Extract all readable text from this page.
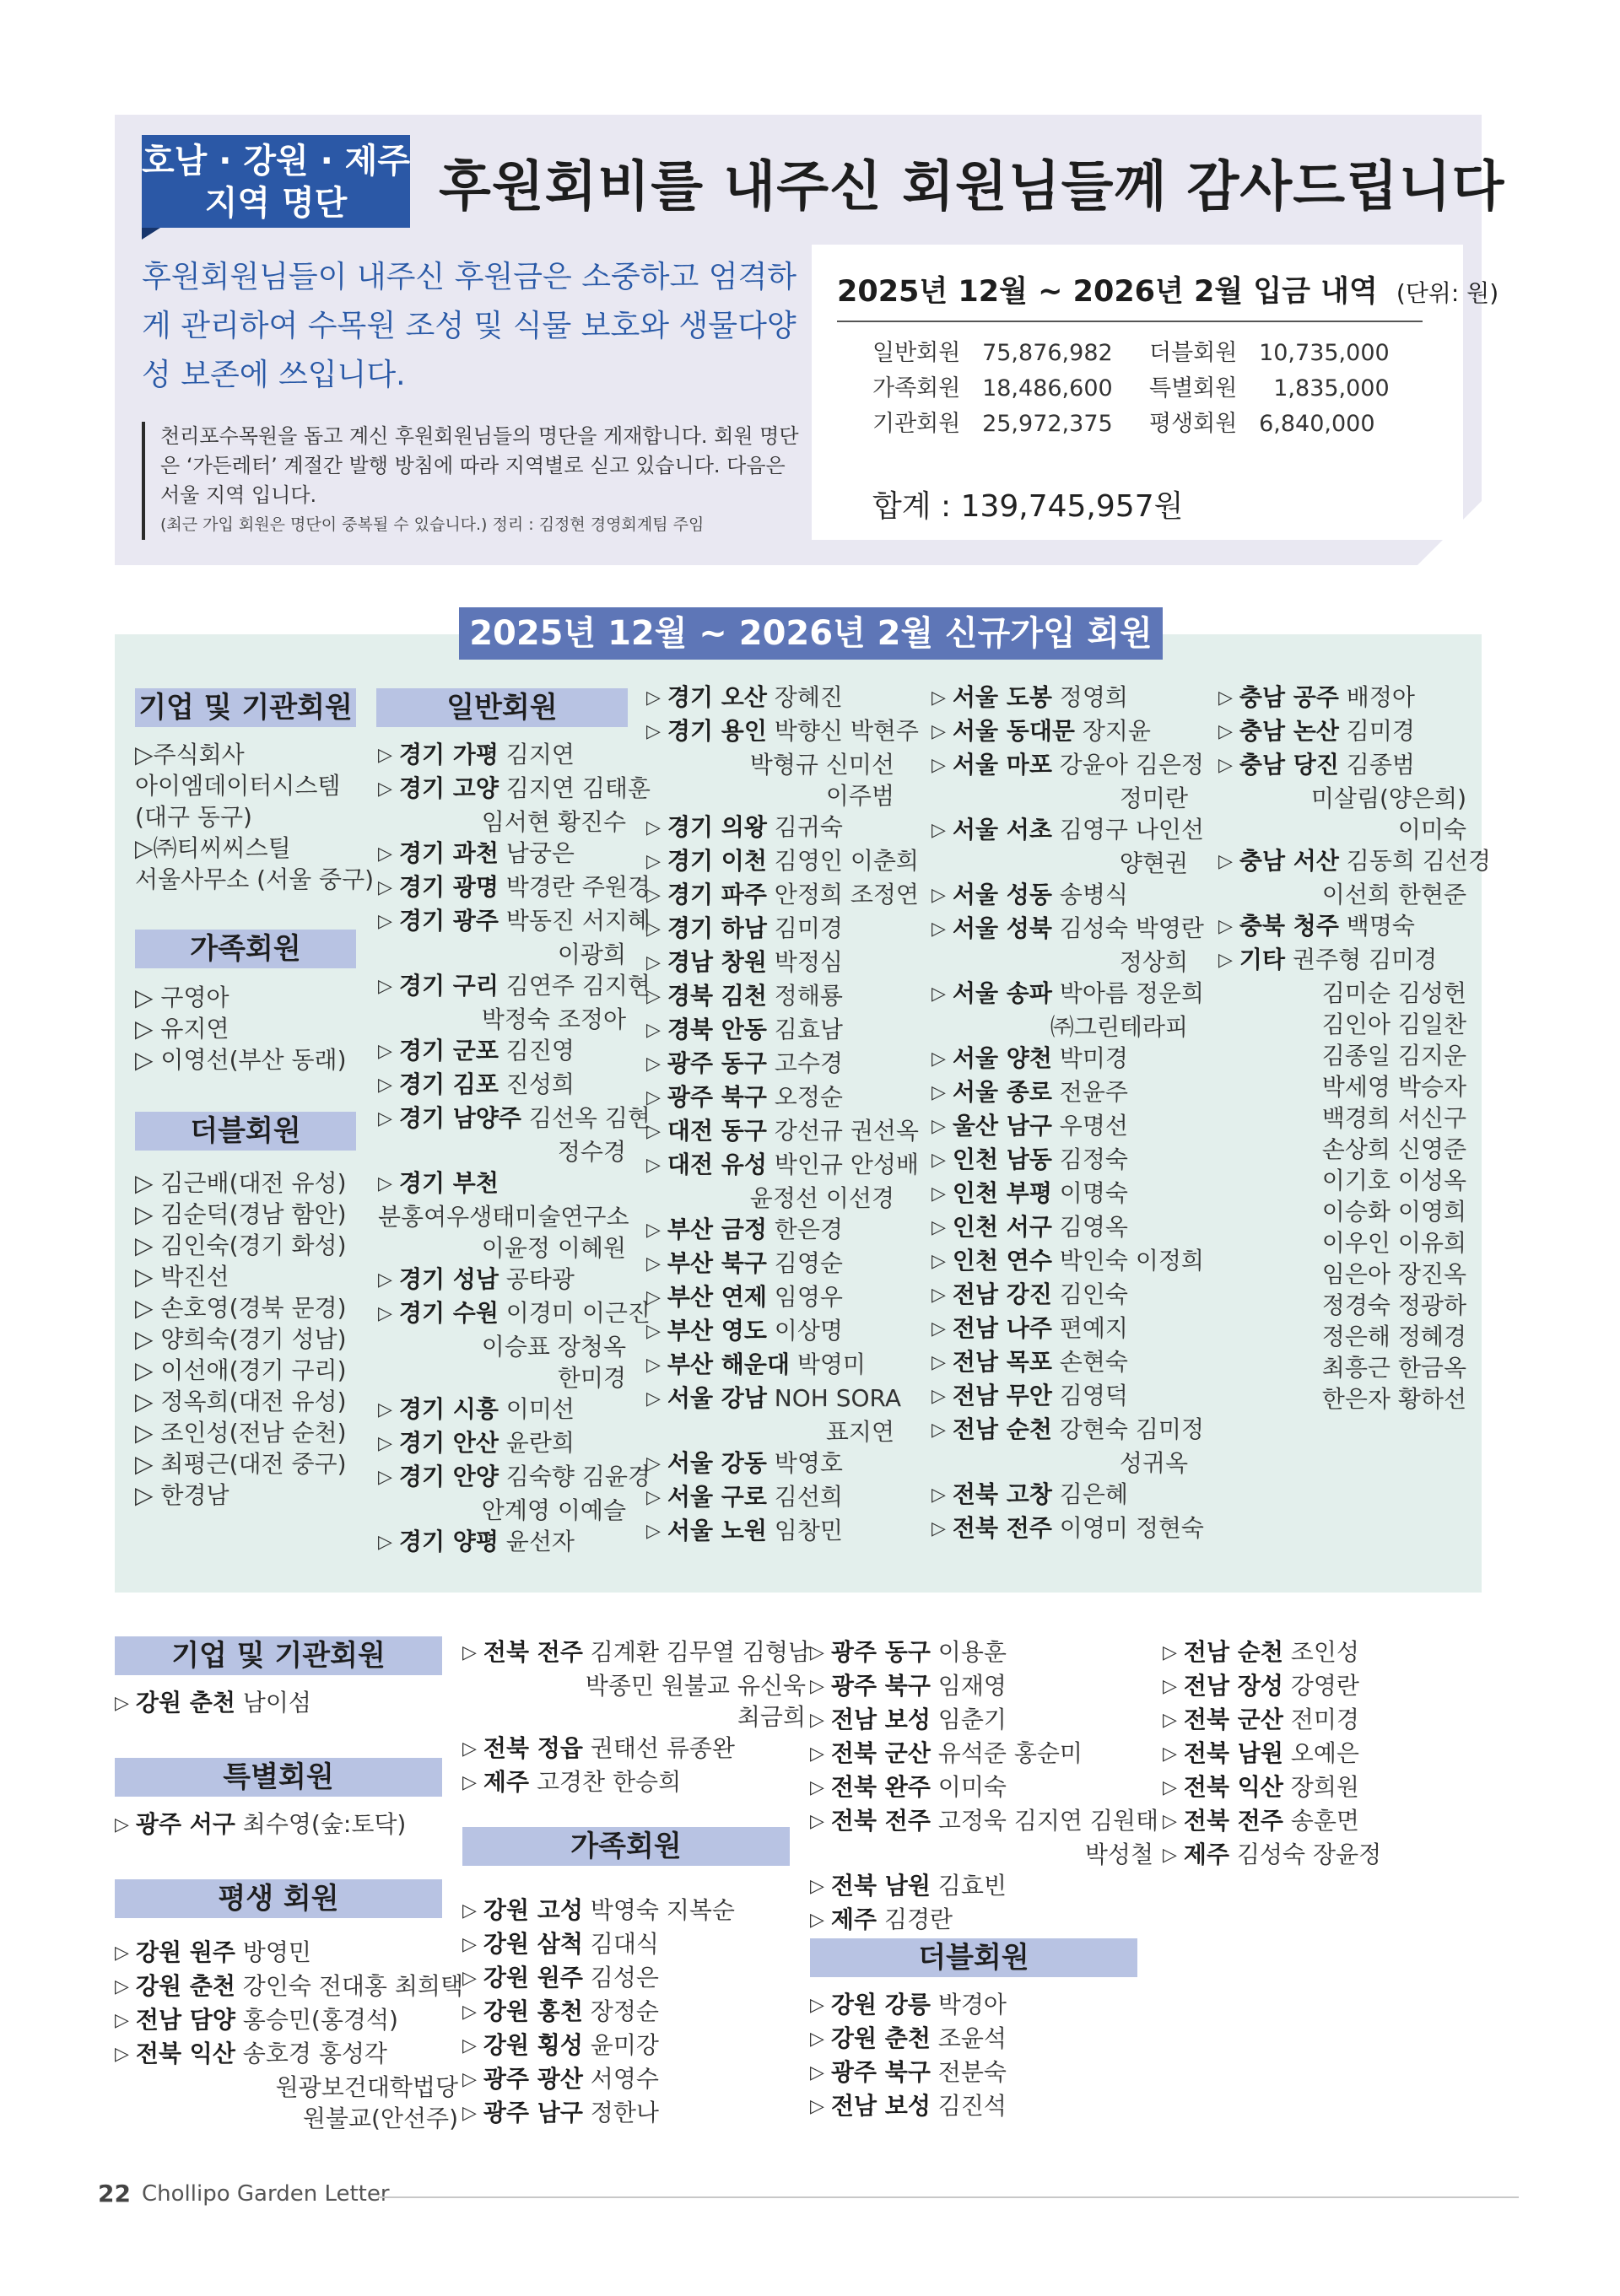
호남 · 강원 · 제주
지역 명단	후원회비를 내주신 회원님들께 감사드립니다
후원회원님들이 내주신 후원금은 소중하고 엄격하게 관리하여 수목원 조성 및 식물 보호와 생물다양성 보존에 쓰입니다.
천리포수목원을 돕고 계신 후원회원님들의 명단을 게재합니다. 회원 명단은 ‘가든레터’ 계절간 발행 방침에 따라 지역별로 싣고 있습니다. 다음은 서울 지역 입니다.
(최근 가입 회원은 명단이 중복될 수 있습니다.) 정리 : 김정현 경영회계팀 주임
2025년 12월 ~ 2026년 2월 입금 내역 (단위: 원)
일반회원 75,876,982 더블회원 10,735,000
가족회원 18,486,600 특별회원 1,835,000
기관회원 25,972,375 평생회원 6,840,000
합계 : 139,745,957원
2025년 12월 ~ 2026년 2월 신규가입 회원
기업 및 기관회원
▷주식회사
아이엠데이터시스템
(대구 동구)
▷㈜티씨씨스틸
서울사무소 (서울 중구)
가족회원
▷ 구영아
▷ 유지연
▷ 이영선(부산 동래)
더블회원
▷ 김근배(대전 유성)
▷ 김순덕(경남 함안)
▷ 김인숙(경기 화성)
▷ 박진선
▷ 손호영(경북 문경)
▷ 양희숙(경기 성남)
▷ 이선애(경기 구리)
▷ 정옥희(대전 유성)
▷ 조인성(전남 순천)
▷ 최평근(대전 중구)
▷ 한경남
일반회원
▷ 경기 가평 김지연
▷ 경기 고양 김지연 김태훈
임서현 황진수
▷ 경기 과천 남궁은
▷ 경기 광명 박경란 주원경
▷ 경기 광주 박동진 서지혜
이광희
▷ 경기 구리 김연주 김지현
박정숙 조정아
▷ 경기 군포 김진영
▷ 경기 김포 진성희
▷ 경기 남양주 김선옥 김현
정수경
▷ 경기 부천
분홍여우생태미술연구소
이윤정 이혜원
▷ 경기 성남 공타광
▷ 경기 수원 이경미 이근진
이승표 장청옥
한미경
▷ 경기 시흥 이미선
▷ 경기 안산 윤란희
▷ 경기 안양 김숙향 김윤경
안계영 이예슬
▷ 경기 양평 윤선자
▷ 경기 오산 장혜진
▷ 경기 용인 박향신 박현주
박형규 신미선
이주범
▷ 경기 의왕 김귀숙
▷ 경기 이천 김영인 이춘희
▷ 경기 파주 안정희 조정연
▷ 경기 하남 김미경
▷ 경남 창원 박정심
▷ 경북 김천 정해룡
▷ 경북 안동 김효남
▷ 광주 동구 고수경
▷ 광주 북구 오정순
▷ 대전 동구 강선규 권선옥
▷ 대전 유성 박인규 안성배
윤정선 이선경
▷ 부산 금정 한은경
▷ 부산 북구 김영순
▷ 부산 연제 임영우
▷ 부산 영도 이상명
▷ 부산 해운대 박영미
▷ 서울 강남 NOH SORA
표지연
▷ 서울 강동 박영호
▷ 서울 구로 김선희
▷ 서울 노원 임창민
▷ 서울 도봉 정영희
▷ 서울 동대문 장지윤
▷ 서울 마포 강윤아 김은정
정미란
▷ 서울 서초 김영구 나인선
양현권
▷ 서울 성동 송병식
▷ 서울 성북 김성숙 박영란
정상희
▷ 서울 송파 박아름 정운희
㈜그린테라피
▷ 서울 양천 박미경
▷ 서울 종로 전윤주
▷ 울산 남구 우명선
▷ 인천 남동 김정숙
▷ 인천 부평 이명숙
▷ 인천 서구 김영옥
▷ 인천 연수 박인숙 이정희
▷ 전남 강진 김인숙
▷ 전남 나주 편예지
▷ 전남 목포 손현숙
▷ 전남 무안 김영덕
▷ 전남 순천 강현숙 김미정
성귀옥
▷ 전북 고창 김은혜
▷ 전북 전주 이영미 정현숙
▷ 충남 공주 배정아
▷ 충남 논산 김미경
▷ 충남 당진 김종범
미살림(양은희)
이미숙
▷ 충남 서산 김동희 김선경
이선희 한현준
▷ 충북 청주 백명숙
▷ 기타 권주형 김미경
김미순 김성헌
김인아 김일찬
김종일 김지운
박세영 박승자
백경희 서신구
손상희 신영준
이기호 이성옥
이승화 이영희
이우인 이유희
임은아 장진옥
정경숙 정광하
정은해 정혜경
최흥근 한금옥
한은자 황하선
기업 및 기관회원
▷ 강원 춘천 남이섬
특별회원
▷ 광주 서구 최수영(숲:토닥)
평생 회원
▷ 강원 원주 방영민
▷ 강원 춘천 강인숙 전대홍 최희택
▷ 전남 담양 홍승민(홍경석)
▷ 전북 익산 송호경 홍성각
원광보건대학법당
원불교(안선주)
▷ 전북 전주 김계환 김무열 김형남
박종민 원불교 유신욱
최금희
▷ 전북 정읍 권태선 류종완
▷ 제주 고경찬 한승희
가족회원
▷ 강원 고성 박영숙 지복순
▷ 강원 삼척 김대식
▷ 강원 원주 김성은
▷ 강원 홍천 장정순
▷ 강원 횡성 윤미강
▷ 광주 광산 서영수
▷ 광주 남구 정한나
▷ 광주 동구 이용훈
▷ 광주 북구 임재영
▷ 전남 보성 임춘기
▷ 전북 군산 유석준 홍순미
▷ 전북 완주 이미숙
▷ 전북 전주 고정욱 김지연 김원태
박성철
▷ 전북 남원 김효빈
▷ 제주 김경란
더블회원
▷ 강원 강릉 박경아
▷ 강원 춘천 조윤석
▷ 광주 북구 전분숙
▷ 전남 보성 김진석
▷ 전남 순천 조인성
▷ 전남 장성 강영란
▷ 전북 군산 전미경
▷ 전북 남원 오예은
▷ 전북 익산 장희원
▷ 전북 전주 송훈면
▷ 제주 김성숙 장윤정
22 Chollipo Garden Letter
